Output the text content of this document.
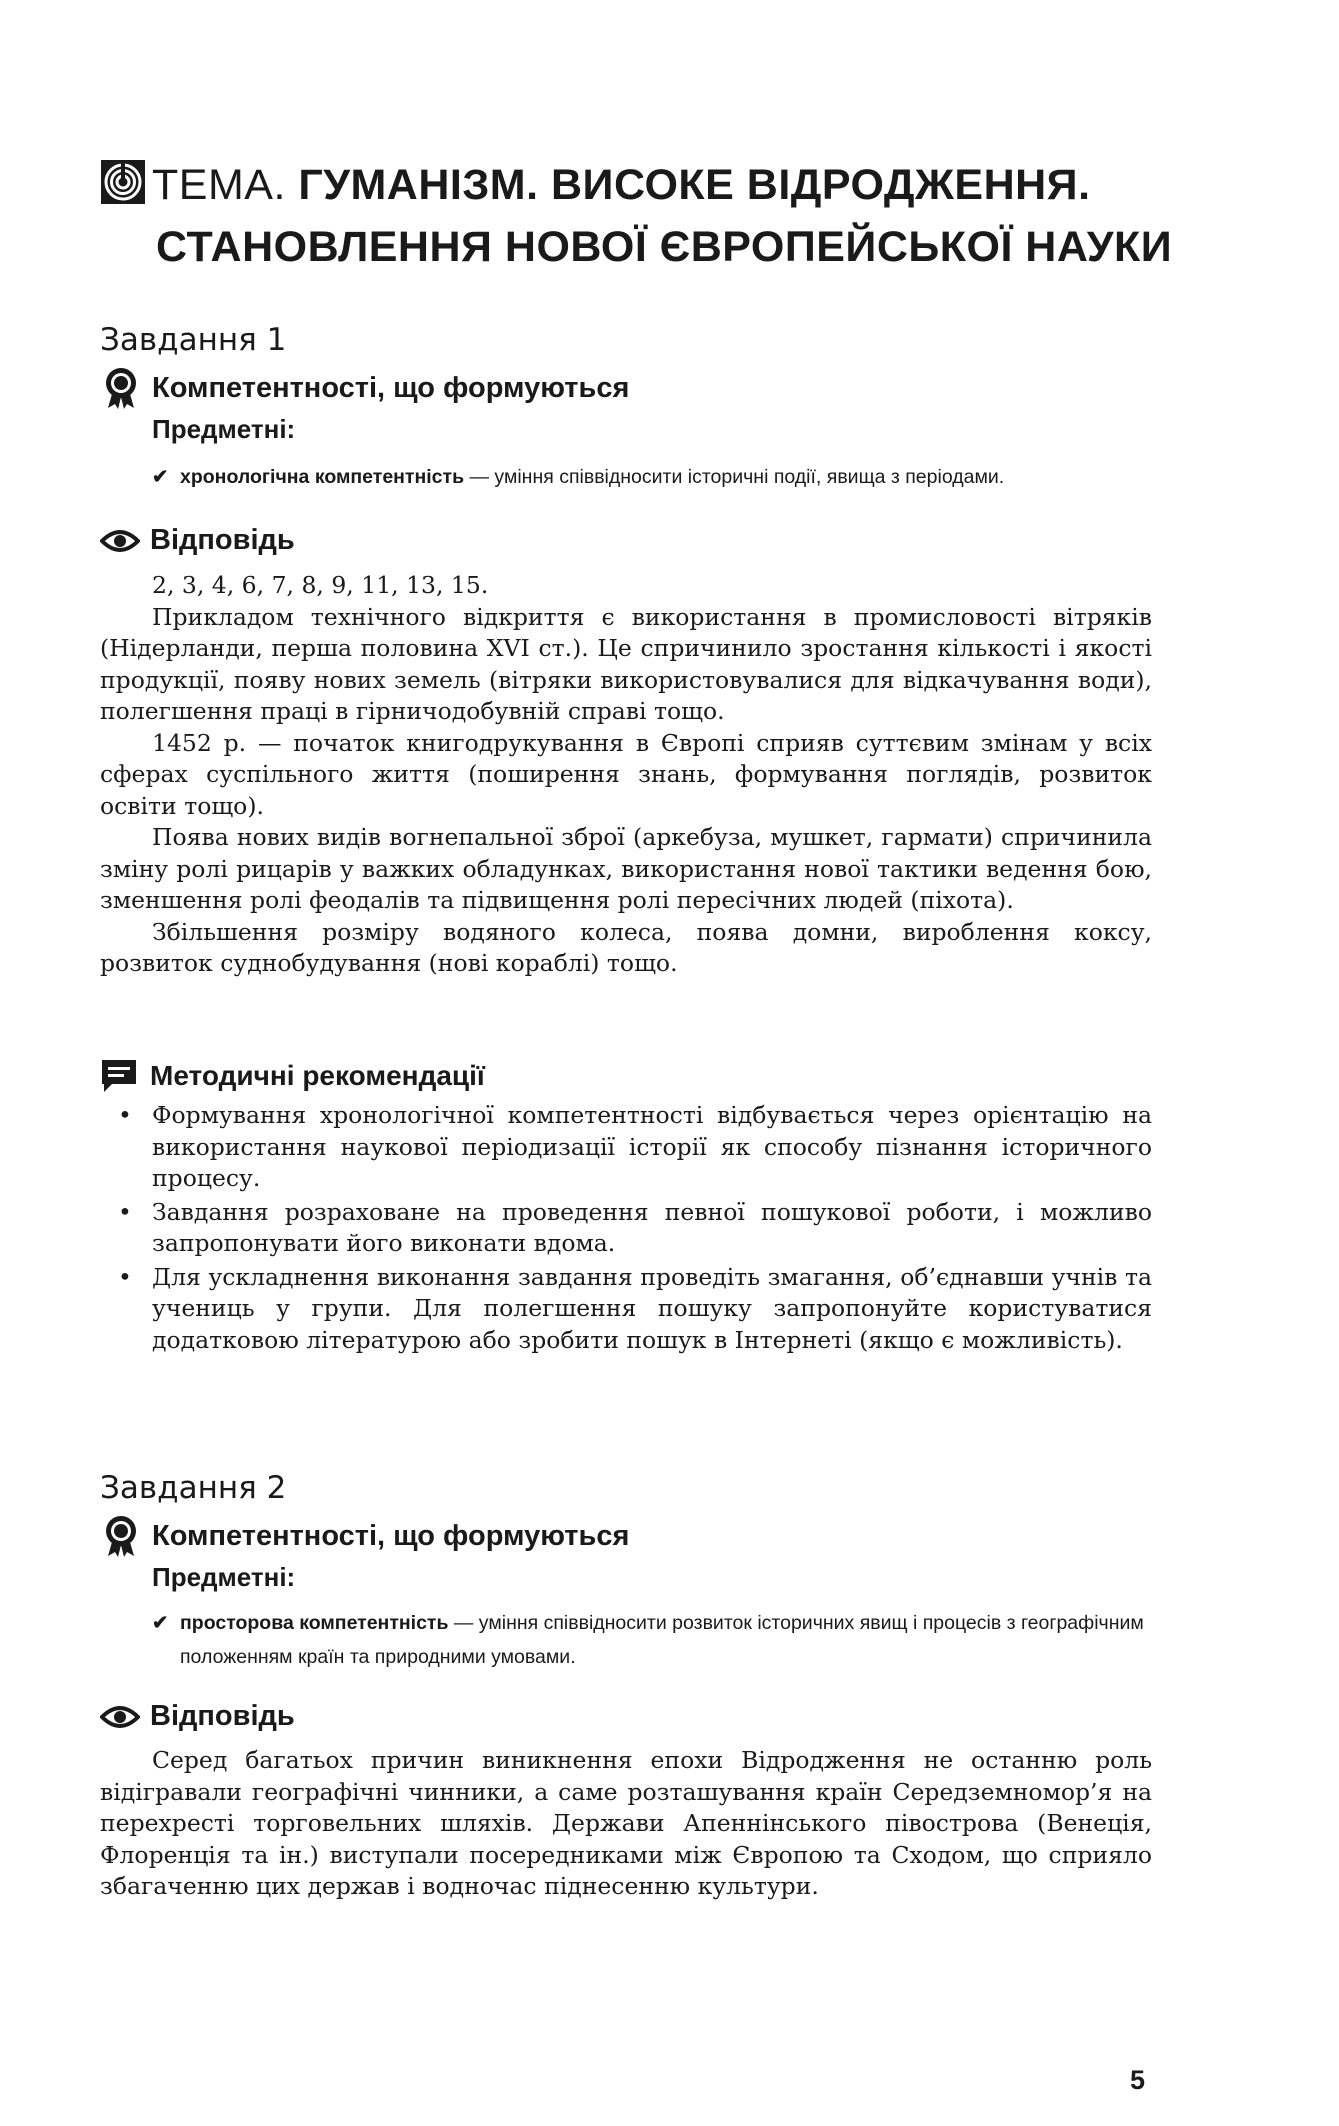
ТЕМА. ГУМАНІЗМ. ВИСОКЕ ВІДРОДЖЕННЯ.
СТАНОВЛЕННЯ НОВОЇ ЄВРОПЕЙСЬКОЇ НАУКИ
Завдання 1
Компетентності, що формуються
Предметні:
✔ хронологічна компетентність — уміння співвідносити історичні події, явища з періодами.
Відповідь

2, 3, 4, 6, 7, 8, 9, 11, 13, 15.

Прикладом технічного відкриття є використання в промисловості вітряків (Нідерланди, перша половина XVI ст.). Це спричинило зростання кількості і якості продукції, появу нових земель (вітряки використовувалися для відкачування води), полегшення праці в гірничодобувній справі тощо.

1452 р. — початок книгодрукування в Європі сприяв суттєвим змінам у всіх сферах суспільного життя (поширення знань, формування поглядів, розвиток освіти тощо).

Поява нових видів вогнепальної зброї (аркебуза, мушкет, гармати) спричинила зміну ролі рицарів у важких обладунках, використання нової тактики ведення бою, зменшення ролі феодалів та підвищення ролі пересічних людей (піхота).

Збільшення розміру водяного колеса, поява домни, вироблення коксу, розвиток суднобудування (нові кораблі) тощо.

Методичні рекомендації
• Формування хронологічної компетентності відбувається через орієнтацію на використання наукової періодизації історії як способу пізнання історичного процесу.
• Завдання розраховане на проведення певної пошукової роботи, і можливо запропонувати його виконати вдома.
• Для ускладнення виконання завдання проведіть змагання, об’єднавши учнів та учениць у групи. Для полегшення пошуку запропонуйте користуватися додатковою літературою або зробити пошук в Інтернеті (якщо є можливість).
Завдання 2
Компетентності, що формуються
Предметні:
✔ просторова компетентність — уміння співвідносити розвиток історичних явищ і процесів з географічним
положенням країн та природними умовами.
Відповідь

Серед багатьох причин виникнення епохи Відродження не останню роль відігравали географічні чинники, а саме розташування країн Середземномор’я на перехресті торговельних шляхів. Держави Апеннінського півострова (Венеція, Флоренція та ін.) виступали посередниками між Європою та Сходом, що сприяло збагаченню цих держав і водночас піднесенню культури.

5
